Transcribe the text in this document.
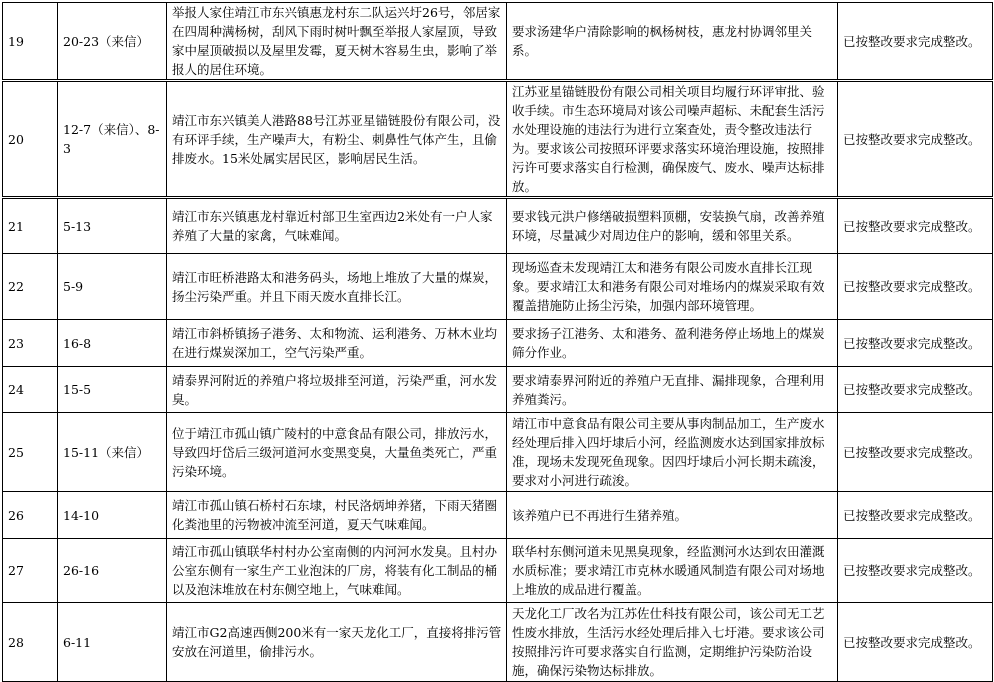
19	20-23（来信）	举报人家住靖江市东兴镇惠龙村东二队运兴圩26号，邻居家在四周种满杨树，刮风下雨时树叶飘至举报人家屋顶，导致家中屋顶破损以及屋里发霉，夏天树木容易生虫，影响了举报人的居住环境。	要求汤建华户清除影响的枫杨树枝，惠龙村协调邻里关系。	已按整改要求完成整改。
20	12-7（来信）、8-3	靖江市东兴镇美人港路88号江苏亚星锚链股份有限公司，没有环评手续，生产噪声大，有粉尘、刺鼻性气体产生，且偷排废水。15米处属实居民区，影响居民生活。	江苏亚星锚链股份有限公司相关项目均履行环评审批、验收手续。市生态环境局对该公司噪声超标、未配套生活污水处理设施的违法行为进行立案查处，责令整改违法行为。要求该公司按照环评要求落实环境治理设施，按照排污许可要求落实自行检测，确保废气、废水、噪声达标排放。	已按整改要求完成整改。
21	5-13	靖江市东兴镇惠龙村靠近村部卫生室西边2米处有一户人家养殖了大量的家禽，气味难闻。	要求钱元洪户修缮破损塑料顶棚，安装换气扇，改善养殖环境，尽量减少对周边住户的影响，缓和邻里关系。	已按整改要求完成整改。
22	5-9	靖江市旺桥港路太和港务码头，场地上堆放了大量的煤炭，扬尘污染严重。并且下雨天废水直排长江。	现场巡查未发现靖江太和港务有限公司废水直排长江现象。要求靖江太和港务有限公司对堆场内的煤炭采取有效覆盖措施防止扬尘污染，加强内部环境管理。	已按整改要求完成整改。
23	16-8	靖江市斜桥镇扬子港务、太和物流、运利港务、万林木业均在进行煤炭深加工，空气污染严重。	要求扬子江港务、太和港务、盈利港务停止场地上的煤炭筛分作业。	已按整改要求完成整改。
24	15-5	靖泰界河附近的养殖户将垃圾排至河道，污染严重，河水发臭。	要求靖泰界河附近的养殖户无直排、漏排现象，合理利用养殖粪污。	已按整改要求完成整改。
25	15-11（来信）	位于靖江市孤山镇广陵村的中意食品有限公司，排放污水，导致四圩岱后三级河道河水变黑变臭，大量鱼类死亡，严重污染环境。	靖江市中意食品有限公司主要从事肉制品加工，生产废水经处理后排入四圩埭后小河，经监测废水达到国家排放标准，现场未发现死鱼现象。因四圩埭后小河长期未疏浚，要求对小河进行疏浚。	已按整改要求完成整改。
26	14-10	靖江市孤山镇石桥村石东埭，村民洛炳坤养猪，下雨天猪圈化粪池里的污物被冲流至河道，夏天气味难闻。	该养殖户已不再进行生猪养殖。	已按整改要求完成整改。
27	26-16	靖江市孤山镇联华村村办公室南侧的内河河水发臭。且村办公室东侧有一家生产工业泡沫的厂房，将装有化工制品的桶以及泡沫堆放在村东侧空地上，气味难闻。	联华村东侧河道未见黑臭现象，经监测河水达到农田灌溉水质标准；要求靖江市克林水暖通风制造有限公司对场地上堆放的成品进行覆盖。	已按整改要求完成整改。
28	6-11	靖江市G2高速西侧200米有一家天龙化工厂，直接将排污管安放在河道里，偷排污水。	天龙化工厂改名为江苏佐仕科技有限公司，该公司无工艺性废水排放，生活污水经处理后排入七圩港。要求该公司按照排污许可要求落实自行监测，定期维护污染防治设施，确保污染物达标排放。	已按整改要求完成整改。
